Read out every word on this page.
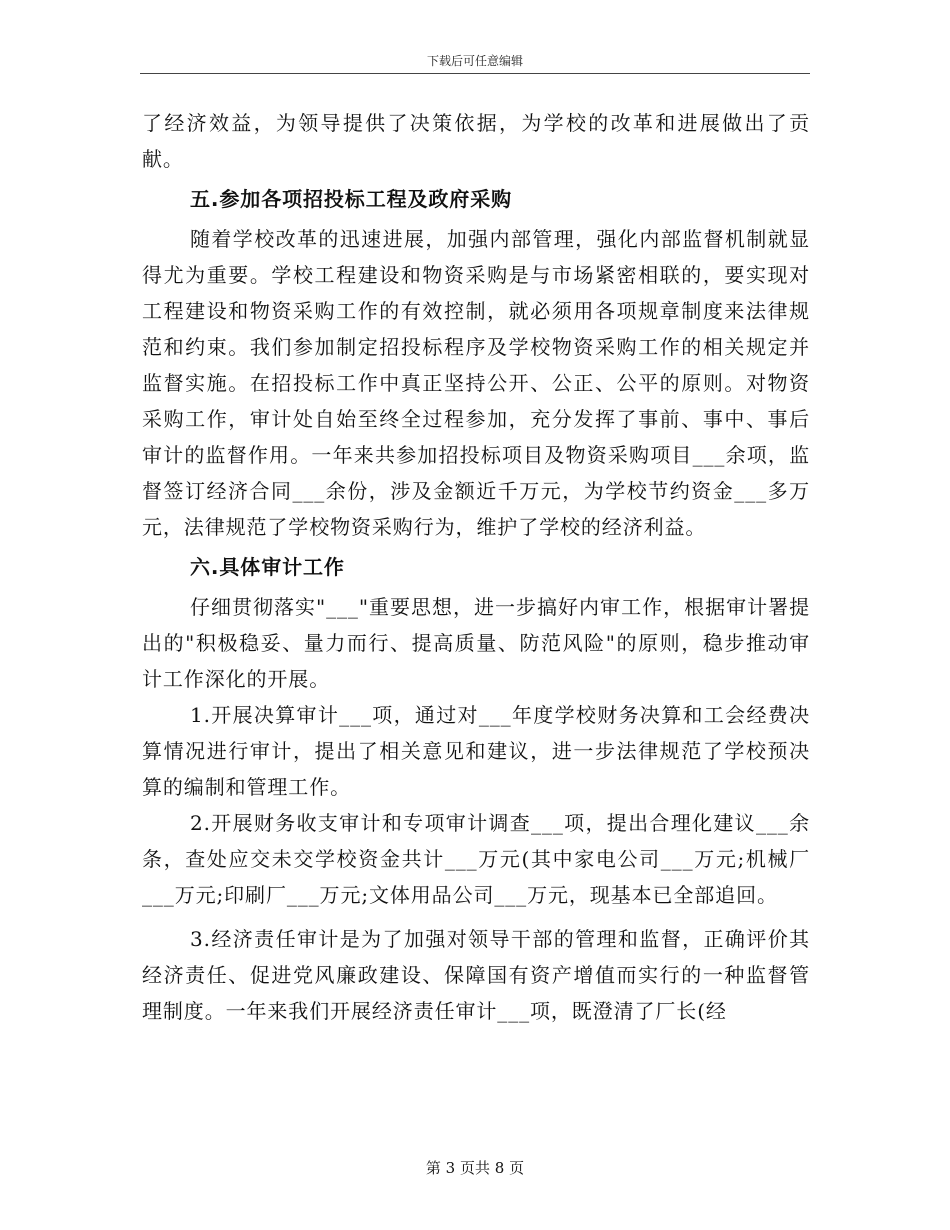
下载后可任意编辑

了经济效益，为领导提供了决策依据，为学校的改革和进展做出了贡献。

五.参加各项招投标工程及政府采购

随着学校改革的迅速进展，加强内部管理，强化内部监督机制就显得尤为重要。学校工程建设和物资采购是与市场紧密相联的，要实现对工程建设和物资采购工作的有效控制，就必须用各项规章制度来法律规范和约束。我们参加制定招投标程序及学校物资采购工作的相关规定并监督实施。在招投标工作中真正坚持公开、公正、公平的原则。对物资采购工作，审计处自始至终全过程参加，充分发挥了事前、事中、事后审计的监督作用。一年来共参加招投标项目及物资采购项目___余项，监督签订经济合同___余份，涉及金额近千万元，为学校节约资金___多万元，法律规范了学校物资采购行为，维护了学校的经济利益。

六.具体审计工作

仔细贯彻落实"___"重要思想，进一步搞好内审工作，根据审计署提出的"积极稳妥、量力而行、提高质量、防范风险"的原则，稳步推动审计工作深化的开展。

1.开展决算审计___项，通过对___年度学校财务决算和工会经费决算情况进行审计，提出了相关意见和建议，进一步法律规范了学校预决算的编制和管理工作。

2.开展财务收支审计和专项审计调查___项，提出合理化建议___余条，查处应交未交学校资金共计___万元(其中家电公司___万元;机械厂___万元;印刷厂___万元;文体用品公司___万元，现基本已全部追回。

3.经济责任审计是为了加强对领导干部的管理和监督，正确评价其经济责任、促进党风廉政建设、保障国有资产增值而实行的一种监督管理制度。一年来我们开展经济责任审计___项，既澄清了厂长(经

第 3 页共 8 页
